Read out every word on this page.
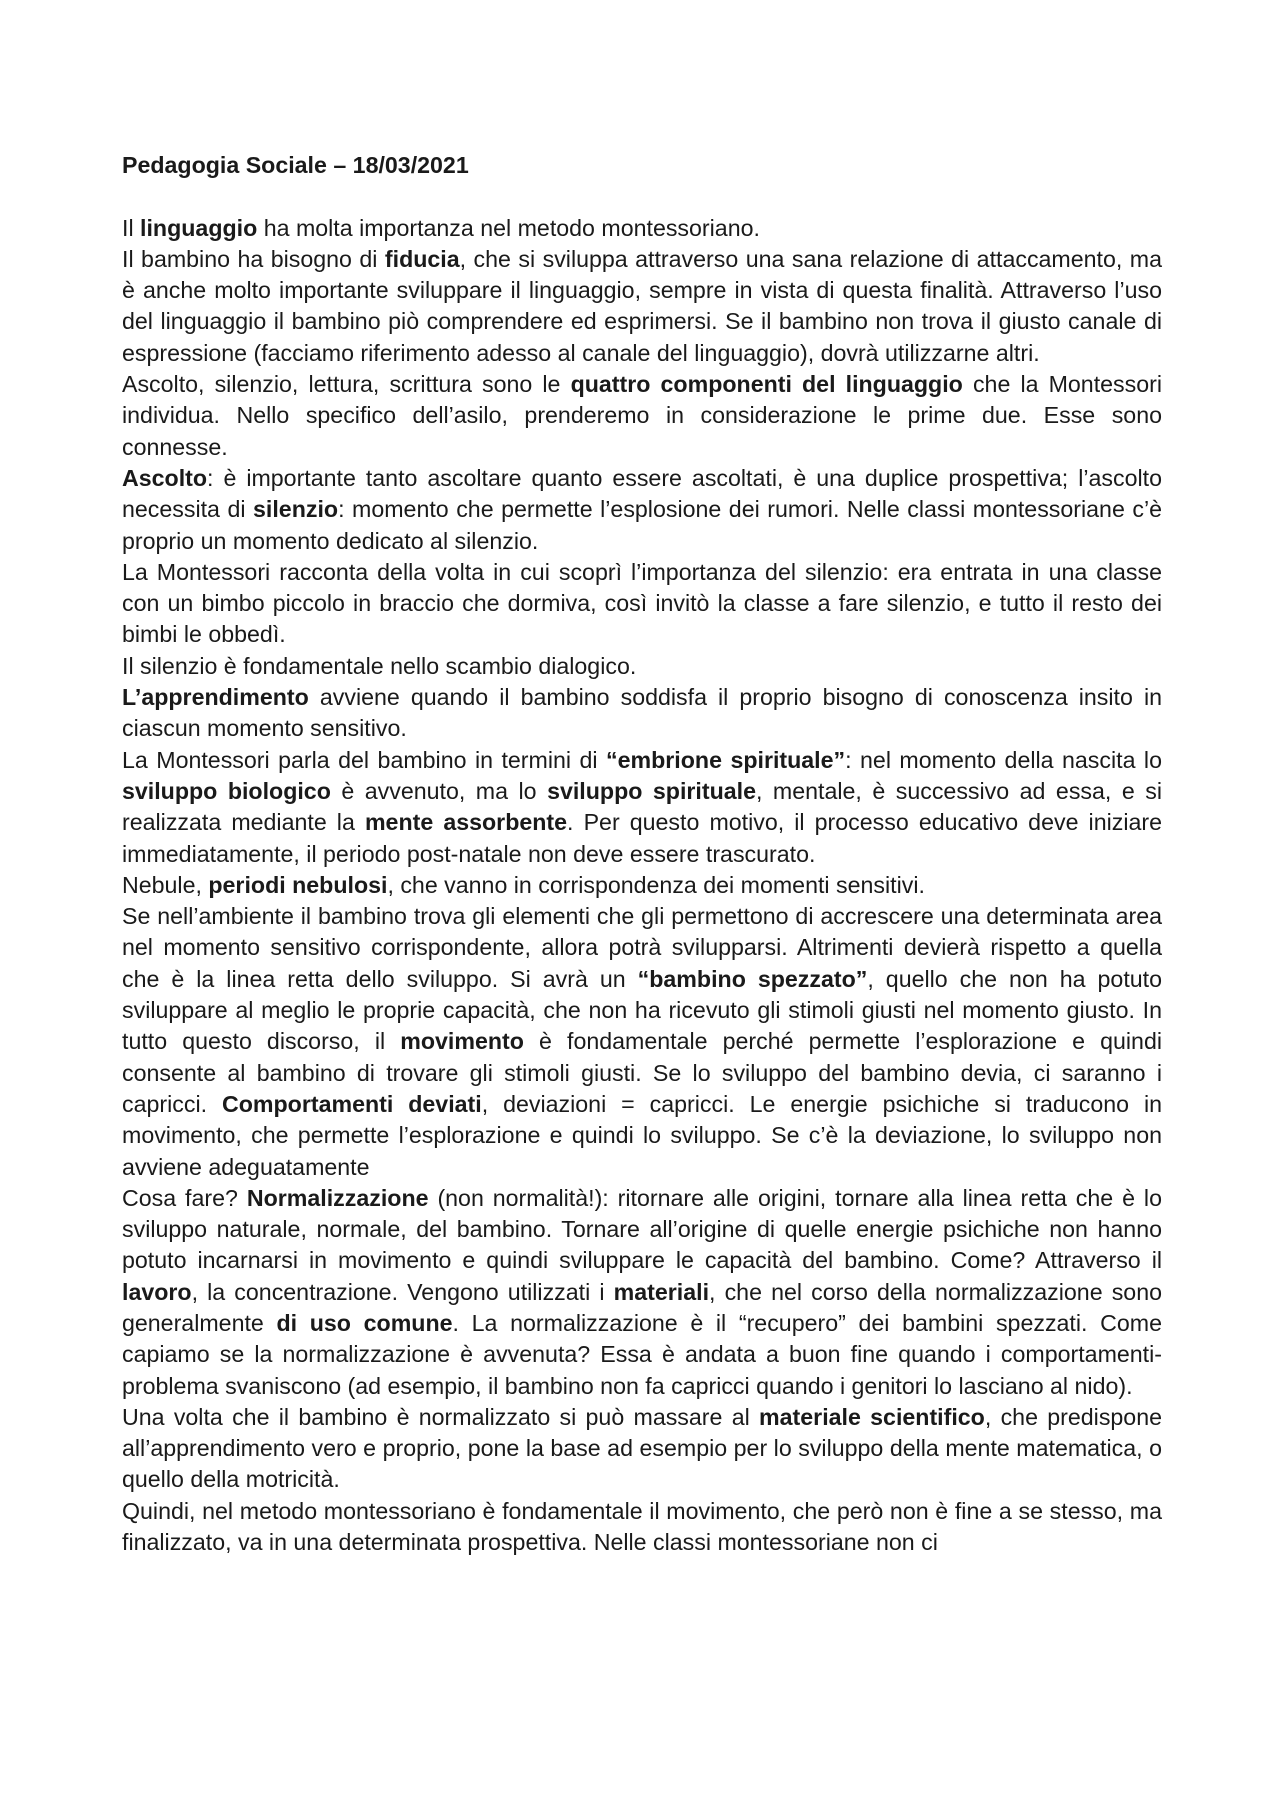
Pedagogia Sociale – 18/03/2021

Il linguaggio ha molta importanza nel metodo montessoriano.

Il bambino ha bisogno di fiducia, che si sviluppa attraverso una sana relazione di attaccamento, ma è anche molto importante sviluppare il linguaggio, sempre in vista di questa finalità. Attraverso l’uso del linguaggio il bambino piò comprendere ed esprimersi. Se il bambino non trova il giusto canale di espressione (facciamo riferimento adesso al canale del linguaggio), dovrà utilizzarne altri.

Ascolto, silenzio, lettura, scrittura sono le quattro componenti del linguaggio che la Montessori individua. Nello specifico dell’asilo, prenderemo in considerazione le prime due. Esse sono connesse.

Ascolto: è importante tanto ascoltare quanto essere ascoltati, è una duplice prospettiva; l’ascolto necessita di silenzio: momento che permette l’esplosione dei rumori. Nelle classi montessoriane c’è proprio un momento dedicato al silenzio.

La Montessori racconta della volta in cui scoprì l’importanza del silenzio: era entrata in una classe con un bimbo piccolo in braccio che dormiva, così invitò la classe a fare silenzio, e tutto il resto dei bimbi le obbedì.

Il silenzio è fondamentale nello scambio dialogico.

L’apprendimento avviene quando il bambino soddisfa il proprio bisogno di conoscenza insito in ciascun momento sensitivo.

La Montessori parla del bambino in termini di “embrione spirituale”: nel momento della nascita lo sviluppo biologico è avvenuto, ma lo sviluppo spirituale, mentale, è successivo ad essa, e si realizzata mediante la mente assorbente. Per questo motivo, il processo educativo deve iniziare immediatamente, il periodo post-natale non deve essere trascurato.

Nebule, periodi nebulosi, che vanno in corrispondenza dei momenti sensitivi.

Se nell’ambiente il bambino trova gli elementi che gli permettono di accrescere una determinata area nel momento sensitivo corrispondente, allora potrà svilupparsi. Altrimenti devierà rispetto a quella che è la linea retta dello sviluppo. Si avrà un “bambino spezzato”, quello che non ha potuto sviluppare al meglio le proprie capacità, che non ha ricevuto gli stimoli giusti nel momento giusto. In tutto questo discorso, il movimento è fondamentale perché permette l’esplorazione e quindi consente al bambino di trovare gli stimoli giusti. Se lo sviluppo del bambino devia, ci saranno i capricci. Comportamenti deviati, deviazioni = capricci. Le energie psichiche si traducono in movimento, che permette l’esplorazione e quindi lo sviluppo. Se c’è la deviazione, lo sviluppo non avviene adeguatamente

Cosa fare? Normalizzazione (non normalità!): ritornare alle origini, tornare alla linea retta che è lo sviluppo naturale, normale, del bambino. Tornare all’origine di quelle energie psichiche non hanno potuto incarnarsi in movimento e quindi sviluppare le capacità del bambino. Come? Attraverso il lavoro, la concentrazione. Vengono utilizzati i materiali, che nel corso della normalizzazione sono generalmente di uso comune. La normalizzazione è il “recupero” dei bambini spezzati. Come capiamo se la normalizzazione è avvenuta? Essa è andata a buon fine quando i comportamenti-problema svaniscono (ad esempio, il bambino non fa capricci quando i genitori lo lasciano al nido).

Una volta che il bambino è normalizzato si può massare al materiale scientifico, che predispone all’apprendimento vero e proprio, pone la base ad esempio per lo sviluppo della mente matematica, o quello della motricità.

Quindi, nel metodo montessoriano è fondamentale il movimento, che però non è fine a se stesso, ma finalizzato, va in una determinata prospettiva. Nelle classi montessoriane non ci
